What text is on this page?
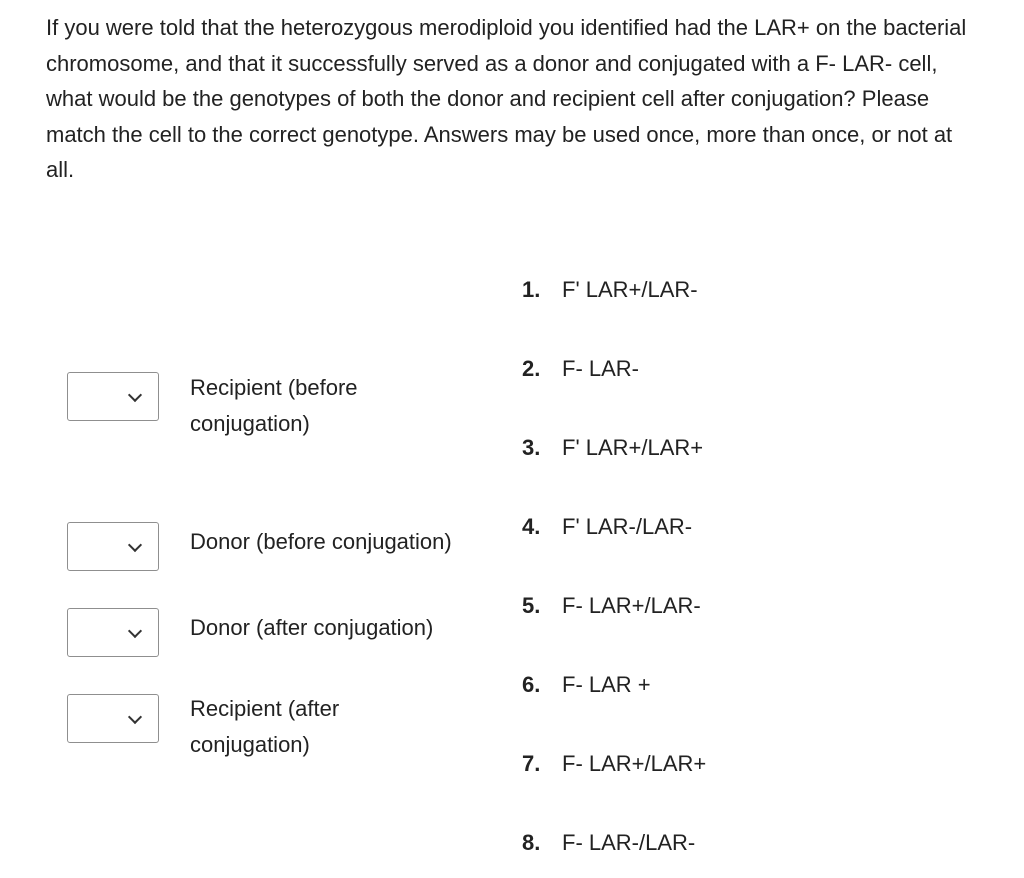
If you were told that the heterozygous merodiploid you identified had the LAR+ on the bacterial chromosome, and that it successfully served as a donor and conjugated with a F- LAR- cell, what would be the genotypes of both the donor and recipient cell after conjugation? Please match the cell to the correct genotype. Answers may be used once, more than once, or not at all.

Recipient (before conjugation)
Donor (before conjugation)
Donor (after conjugation)
Recipient (after conjugation)
1. F' LAR+/LAR-
2. F- LAR-
3. F' LAR+/LAR+
4. F' LAR-/LAR-
5. F- LAR+/LAR-
6. F- LAR +
7. F- LAR+/LAR+
8. F- LAR-/LAR-
